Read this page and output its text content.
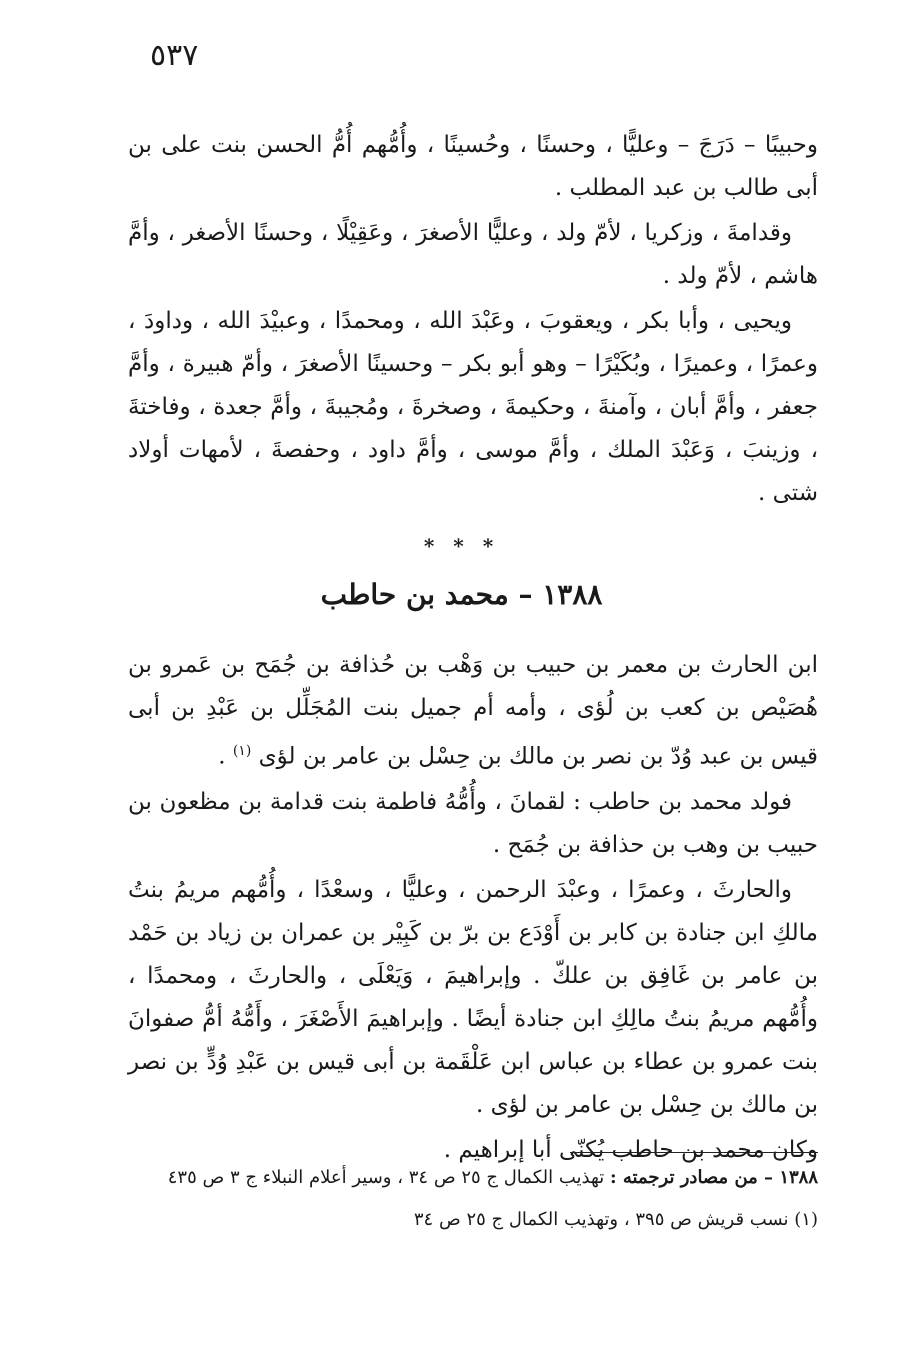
٥٣٧

وحبيبًا – دَرَجَ – وعليًّا ، وحسنًا ، وحُسينًا ، وأُمُّهم أُمُّ الحسن بنت على بن أبى طالب بن عبد المطلب .

وقدامةَ ، وزكريا ، لأمّ ولد ، وعليًّا الأصغرَ ، وعَقِيْلًا ، وحسنًا الأصغر ، وأمَّ هاشم ، لأمّ ولد .

ويحيى ، وأبا بكر ، ويعقوبَ ، وعَبْدَ الله ، ومحمدًا ، وعبيْدَ الله ، وداودَ ، وعمرًا ، وعميرًا ، وبُكَيْرًا – وهو أبو بكر – وحسينًا الأصغرَ ، وأمّ هبيرة ، وأمَّ جعفر ، وأمَّ أبان ، وآمنةَ ، وحكيمةَ ، وصخرةَ ، ومُجيبةَ ، وأمَّ جعدة ، وفاختةَ ، وزينبَ ، وَعَبْدَ الملك ، وأمَّ موسى ، وأمَّ داود ، وحفصةَ ، لأمهات أولاد شتى .

* * *
١٣٨٨ – محمد بن حاطب

ابن الحارث بن معمر بن حبيب بن وَهْب بن حُذافة بن جُمَح بن عَمرو بن هُصَيْص بن كعب بن لُؤى ، وأمه أم جميل بنت المُجَلِّل بن عَبْدِ بن أبى قيس بن عبد وُدّ بن نصر بن مالك بن حِسْل بن عامر بن لؤى $^{(١)}$ .

فولد محمد بن حاطب : لقمانَ ، وأُمُّهُ فاطمة بنت قدامة بن مظعون بن حبيب بن وهب بن حذافة بن جُمَح .

والحارثَ ، وعمرًا ، وعبْدَ الرحمن ، وعليًّا ، وسعْدًا ، وأُمُّهم مريمُ بنتُ مالكِ ابن جنادة بن كابر بن أَوْدَع بن برّ بن كَبِيْر بن عمران بن زياد بن حَمْد بن عامر بن غَافِق بن علكّ . وإبراهيمَ ، وَيَعْلَى ، والحارثَ ، ومحمدًا ، وأُمُّهم مريمُ بنتُ مالِكِ ابن جنادة أيضًا . وإبراهيمَ الأَصْغَرَ ، وأَمُّهُ أمُّ صفوانَ بنت عمرو بن عطاء بن عباس ابن عَلْقَمة بن أبى قيس بن عَبْدِ وُدٍّ بن نصر بن مالك بن حِسْل بن عامر بن لؤى .

وكان محمد بن حاطب يُكنّى أبا إبراهيم .

١٣٨٨ – من مصادر ترجمته : تهذيب الكمال ج ٢٥ ص ٣٤ ، وسير أعلام النبلاء ج ٣ ص ٤٣٥

(١) نسب قريش ص ٣٩٥ ، وتهذيب الكمال ج ٢٥ ص ٣٤
